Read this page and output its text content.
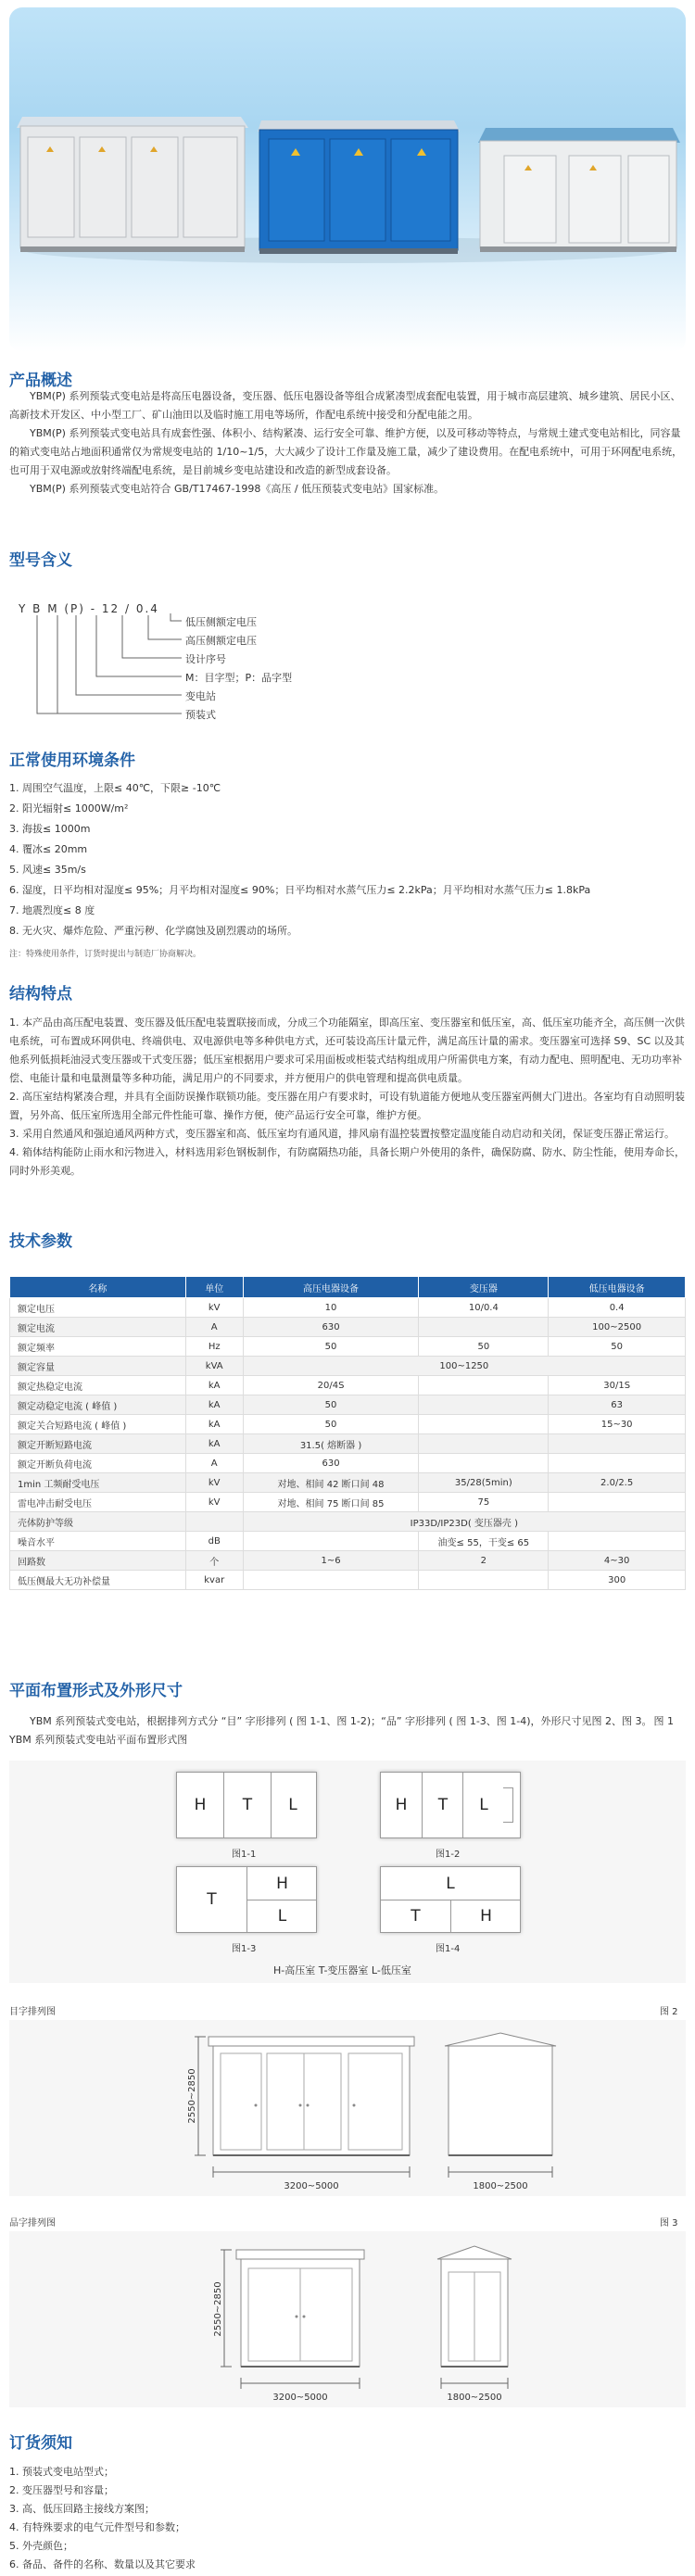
产品概述

YBM(P) 系列预装式变电站是将高压电器设备，变压器、低压电器设备等组合成紧凑型成套配电装置，用于城市高层建筑、城乡建筑、居民小区、高新技术开发区、中小型工厂、矿山油田以及临时施工用电等场所，作配电系统中接受和分配电能之用。

YBM(P) 系列预装式变电站具有成套性强、体积小、结构紧凑、运行安全可靠、维护方便，以及可移动等特点，与常规土建式变电站相比，同容量的箱式变电站占地面积通常仅为常规变电站的 1/10~1/5，大大减少了设计工作量及施工量，减少了建设费用。在配电系统中，可用于环网配电系统，也可用于双电源或放射终端配电系统，是目前城乡变电站建设和改造的新型成套设备。

YBM(P) 系列预装式变电站符合 GB/T17467-1998《高压 / 低压预装式变电站》国家标准。

型号含义
Y B M (P) - 12 / 0.4
低压侧额定电压
高压侧额定电压
设计序号
M：目字型；P：品字型
变电站
预装式
正常使用环境条件
1. 周围空气温度，上限≤ 40℃，下限≥ -10℃
2. 阳光辐射≤ 1000W/m²
3. 海拔≤ 1000m
4. 覆冰≤ 20mm
5. 风速≤ 35m/s
6. 湿度，日平均相对湿度≤ 95%；月平均相对湿度≤ 90%；日平均相对水蒸气压力≤ 2.2kPa；月平均相对水蒸气压力≤ 1.8kPa
7. 地震烈度≤ 8 度
8. 无火灾、爆炸危险、严重污秽、化学腐蚀及剧烈震动的场所。
注：特殊使用条件，订货时提出与制造厂协商解决。
结构特点
1. 本产品由高压配电装置、变压器及低压配电装置联接而成，分成三个功能隔室，即高压室、变压器室和低压室，高、低压室功能齐全，高压侧一次供电系统，可布置成环网供电、终端供电、双电源供电等多种供电方式，还可装设高压计量元件，满足高压计量的需求。变压器室可选择 S9、SC 以及其他系列低损耗油浸式变压器或干式变压器；低压室根据用户要求可采用面板或柜装式结构组成用户所需供电方案，有动力配电、照明配电、无功功率补偿、电能计量和电量测量等多种功能，满足用户的不同要求，并方便用户的供电管理和提高供电质量。
2. 高压室结构紧凑合理，并具有全面防误操作联锁功能。变压器在用户有要求时，可设有轨道能方便地从变压器室两侧大门进出。各室均有自动照明装置，另外高、低压室所选用全部元件性能可靠、操作方便，使产品运行安全可靠，维护方便。
3. 采用自然通风和强迫通风两种方式，变压器室和高、低压室均有通风道，排风扇有温控装置按整定温度能自动启动和关闭，保证变压器正常运行。
4. 箱体结构能防止雨水和污物进入，材料选用彩色钢板制作，有防腐隔热功能，具备长期户外使用的条件，确保防腐、防水、防尘性能，使用寿命长，同时外形美观。
技术参数
名称	单位	高压电器设备	变压器	低压电器设备
额定电压	kV	10	10/0.4	0.4
额定电流	A	630		100~2500
额定频率	Hz	50	50	50
额定容量	kVA	100~1250		
额定热稳定电流	kA	20/4S		30/1S
额定动稳定电流 ( 峰值 )	kA	50		63
额定关合短路电流 ( 峰值 )	kA	50		15~30
额定开断短路电流	kA	31.5( 熔断器 )		
额定开断负荷电流	A	630		
1min 工频耐受电压	kV	对地、相间 42 断口间 48	35/28(5min)	2.0/2.5
雷电冲击耐受电压	kV	对地、相间 75 断口间 85	75	
壳体防护等级		IP33D/IP23D( 变压器壳 )		
噪音水平	dB		油变≤ 55，干变≤ 65	
回路数	个	1~6	2	4~30
低压侧最大无功补偿量	kvar			300
平面布置形式及外形尺寸

YBM 系列预装式变电站，根据排列方式分 “目” 字形排列 ( 图 1-1、图 1-2)；“品” 字形排列 ( 图 1-3、图 1-4)，外形尺寸见图 2、图 3。 图 1　YBM 系列预装式变电站平面布置形式图

H	T	L
图1-1
H	T	L
图1-2
T
H
L
图1-3
L
T	H
图1-4
H-高压室 T-变压器室 L-低压室
目字排列图	图 2
2550~2850
3200~5000	1800~2500
品字排列图	图 3
2550~2850
3200~5000	1800~2500
订货须知
1. 预装式变电站型式；
2. 变压器型号和容量；
3. 高、低压回路主接线方案图；
4. 有特殊要求的电气元件型号和参数；
5. 外壳颜色；
6. 备品、备件的名称、数量以及其它要求
